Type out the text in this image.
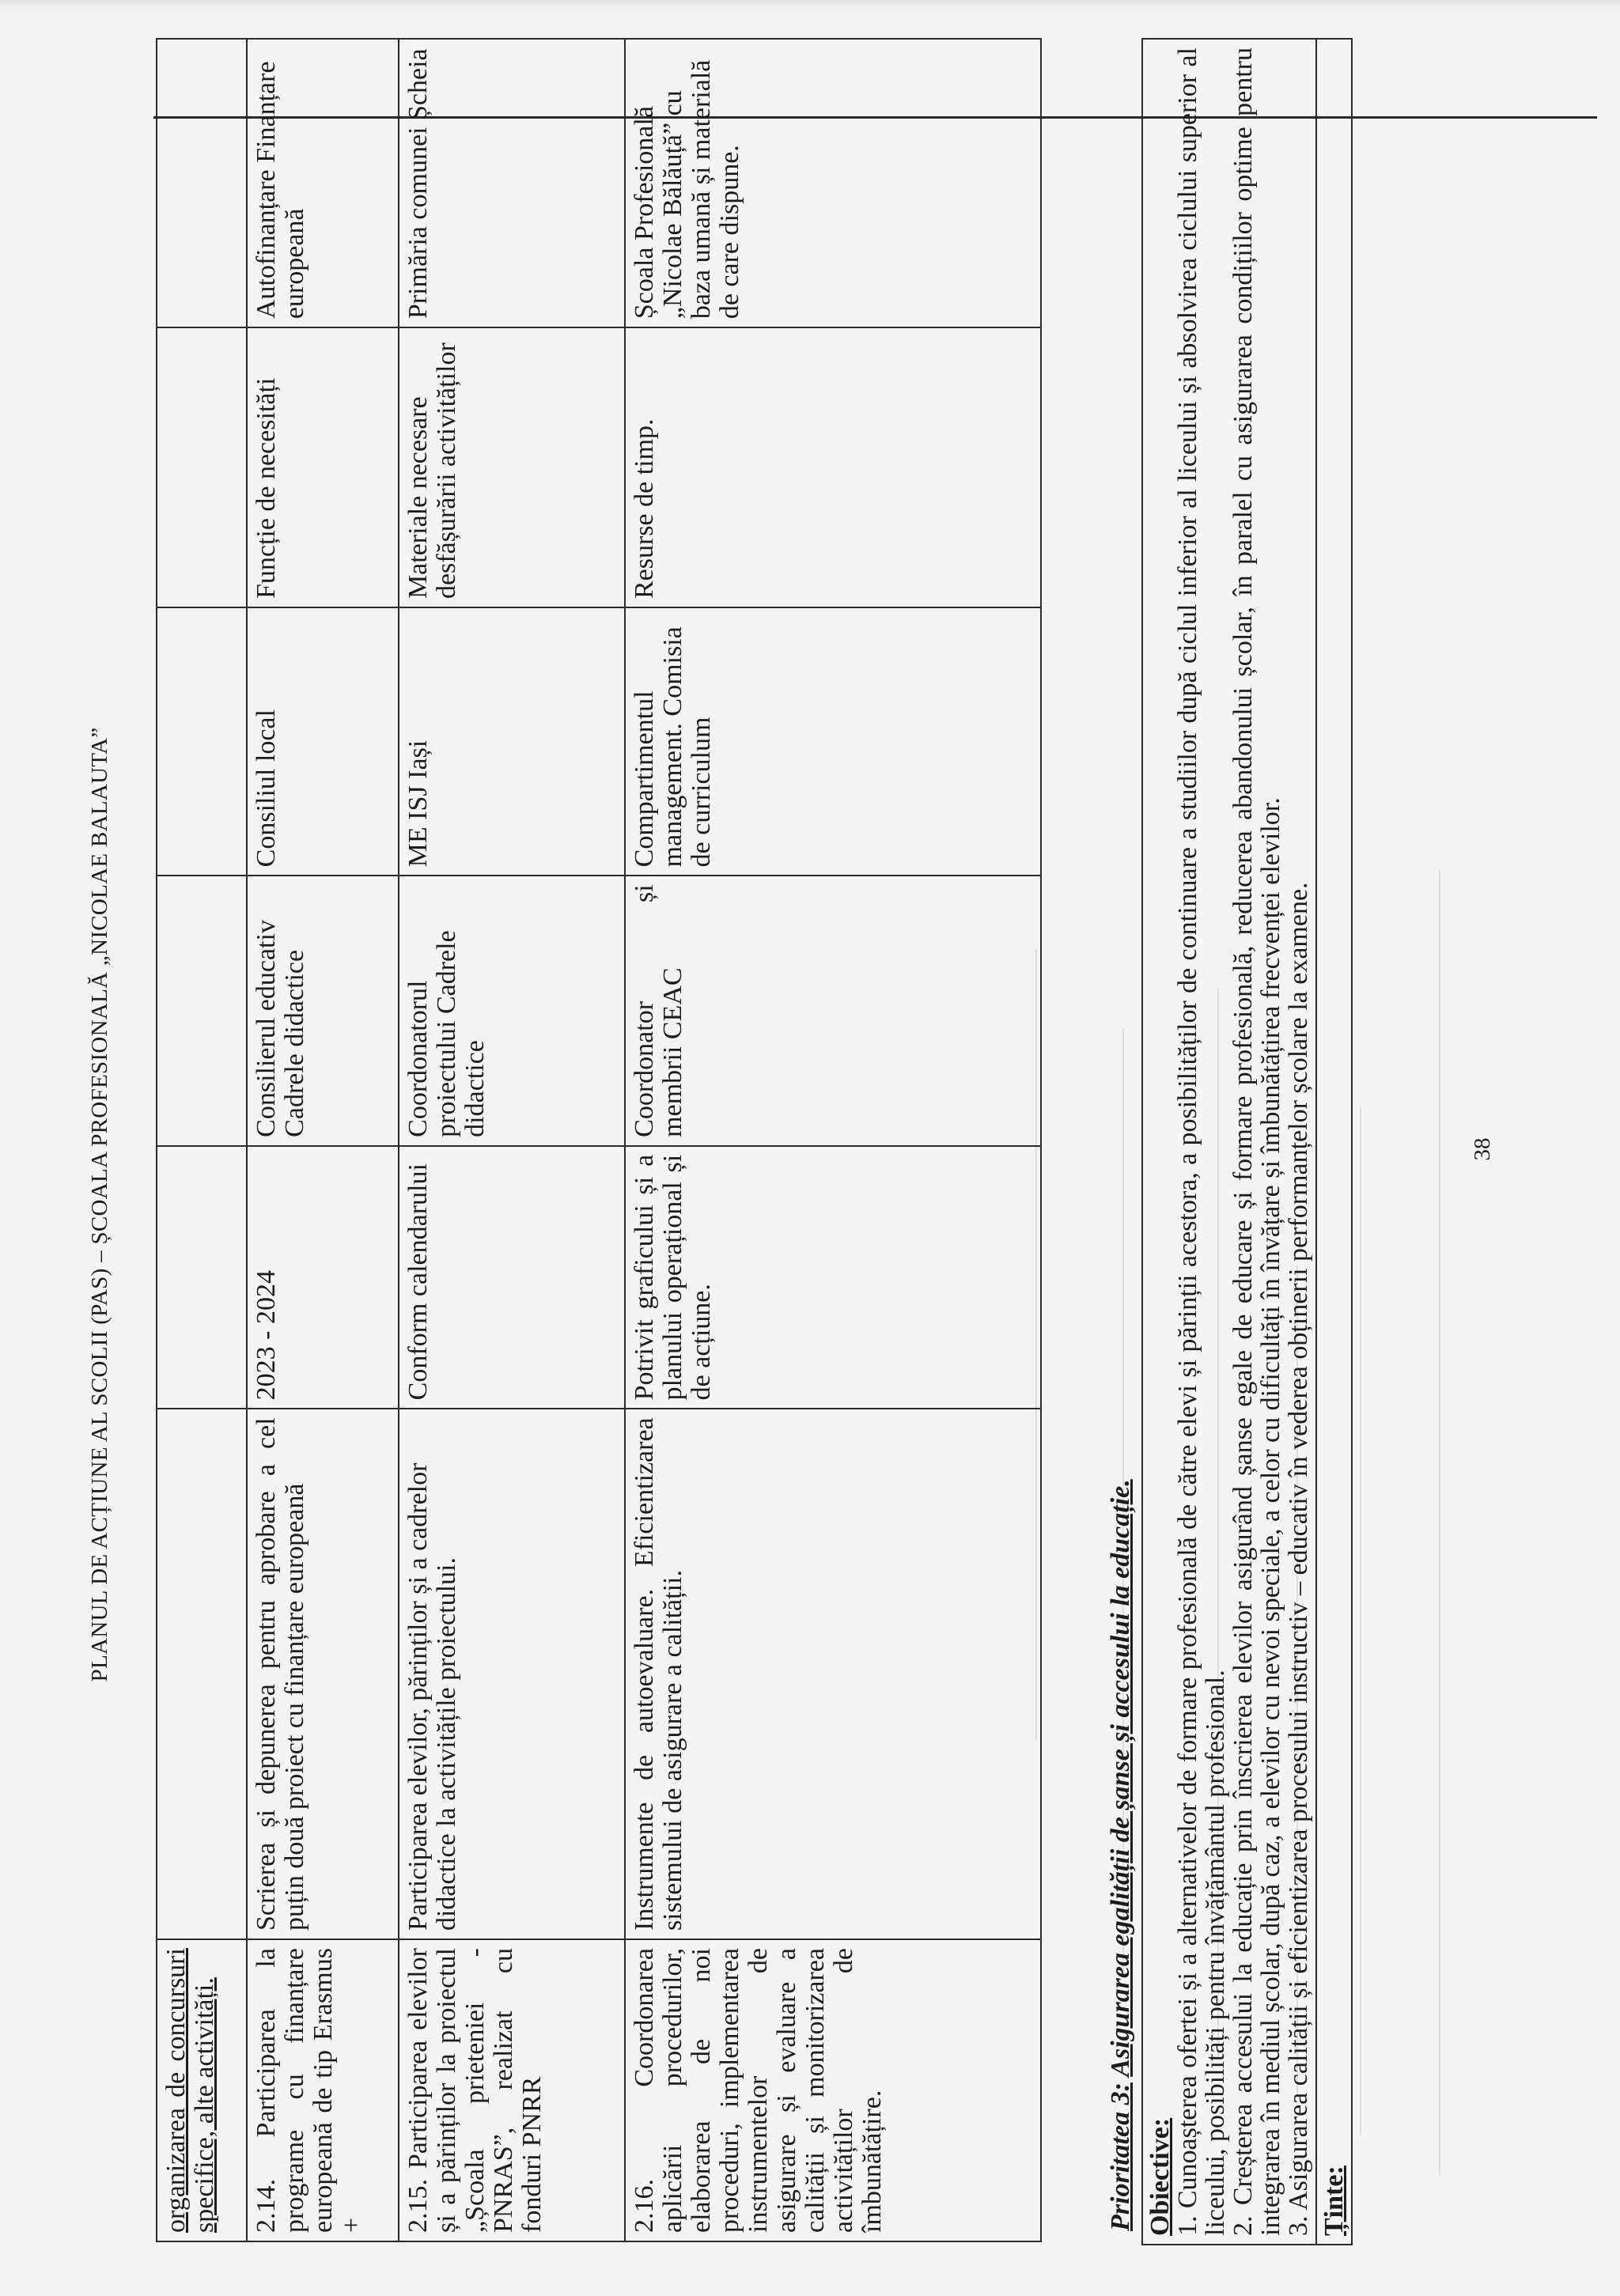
PLANUL DE ACȚIUNE AL SCOLII (PAS) – ȘCOALA PROFESIONALĂ „NICOLAE BALAUTA”
organizarea de concursuri specifice, alte activități.						
2.14. Participarea la programe cu finanțare europeană de tip Erasmus +	Scrierea și depunerea pentru aprobare a cel puțin două proiect cu finanțare europeană	2023 - 2024	Consilierul educativ Cadrele didactice	Consiliul local	Funcție de necesități	Autofinanțare Finanțare europeană
2.15. Participarea elevilor și a părinților la proiectul „Școala prieteniei - PNRAS”, realizat cu fonduri PNRR	Participarea elevilor, părinților și a cadrelor didactice la activitățile proiectului.	Conform calendarului	Coordonatorul proiectului Cadrele didactice	ME ISJ Iași	Materiale necesare desfășurării activităților	Primăria comunei Șcheia
2.16. Coordonarea aplicării procedurilor, elaborarea de noi proceduri, implementarea instrumentelor de asigurare și evaluare a calității și monitorizarea activităților de îmbunătățire.	Instrumente de autoevaluare. Eficientizarea sistemului de asigurare a calității.	Potrivit graficului și a planului operațional și de acțiune.	Coordonator și membrii CEAC	Compartimentul management. Comisia de curriculum	Resurse de timp.	Școala Profesională „Nicolae Bălăuță” cu baza umană și materială de care dispune.
Prioritatea 3: Asigurarea egalității de șanse și accesului la educație.
Obiective:
1. Cunoașterea ofertei și a alternativelor de formare profesională de către elevi și părinții acestora, a posibilităților de continuare a studiilor după ciclul inferior al liceului și absolvirea ciclului superior al liceului, posibilități pentru învățământul profesional.
2. Creșterea accesului la educație prin înscrierea elevilor asigurând șanse egale de educare și formare profesională, reducerea abandonului școlar, în paralel cu asigurarea condițiilor optime pentru integrarea în mediul școlar, după caz, a elevilor cu nevoi speciale, a celor cu dificultăți în învățare și îmbunătățirea frecvenței elevilor.
3. Asigurarea calității și eficientizarea procesului instructiv – educativ în vederea obținerii performanțelor școlare la examene.

Ținte:
38
